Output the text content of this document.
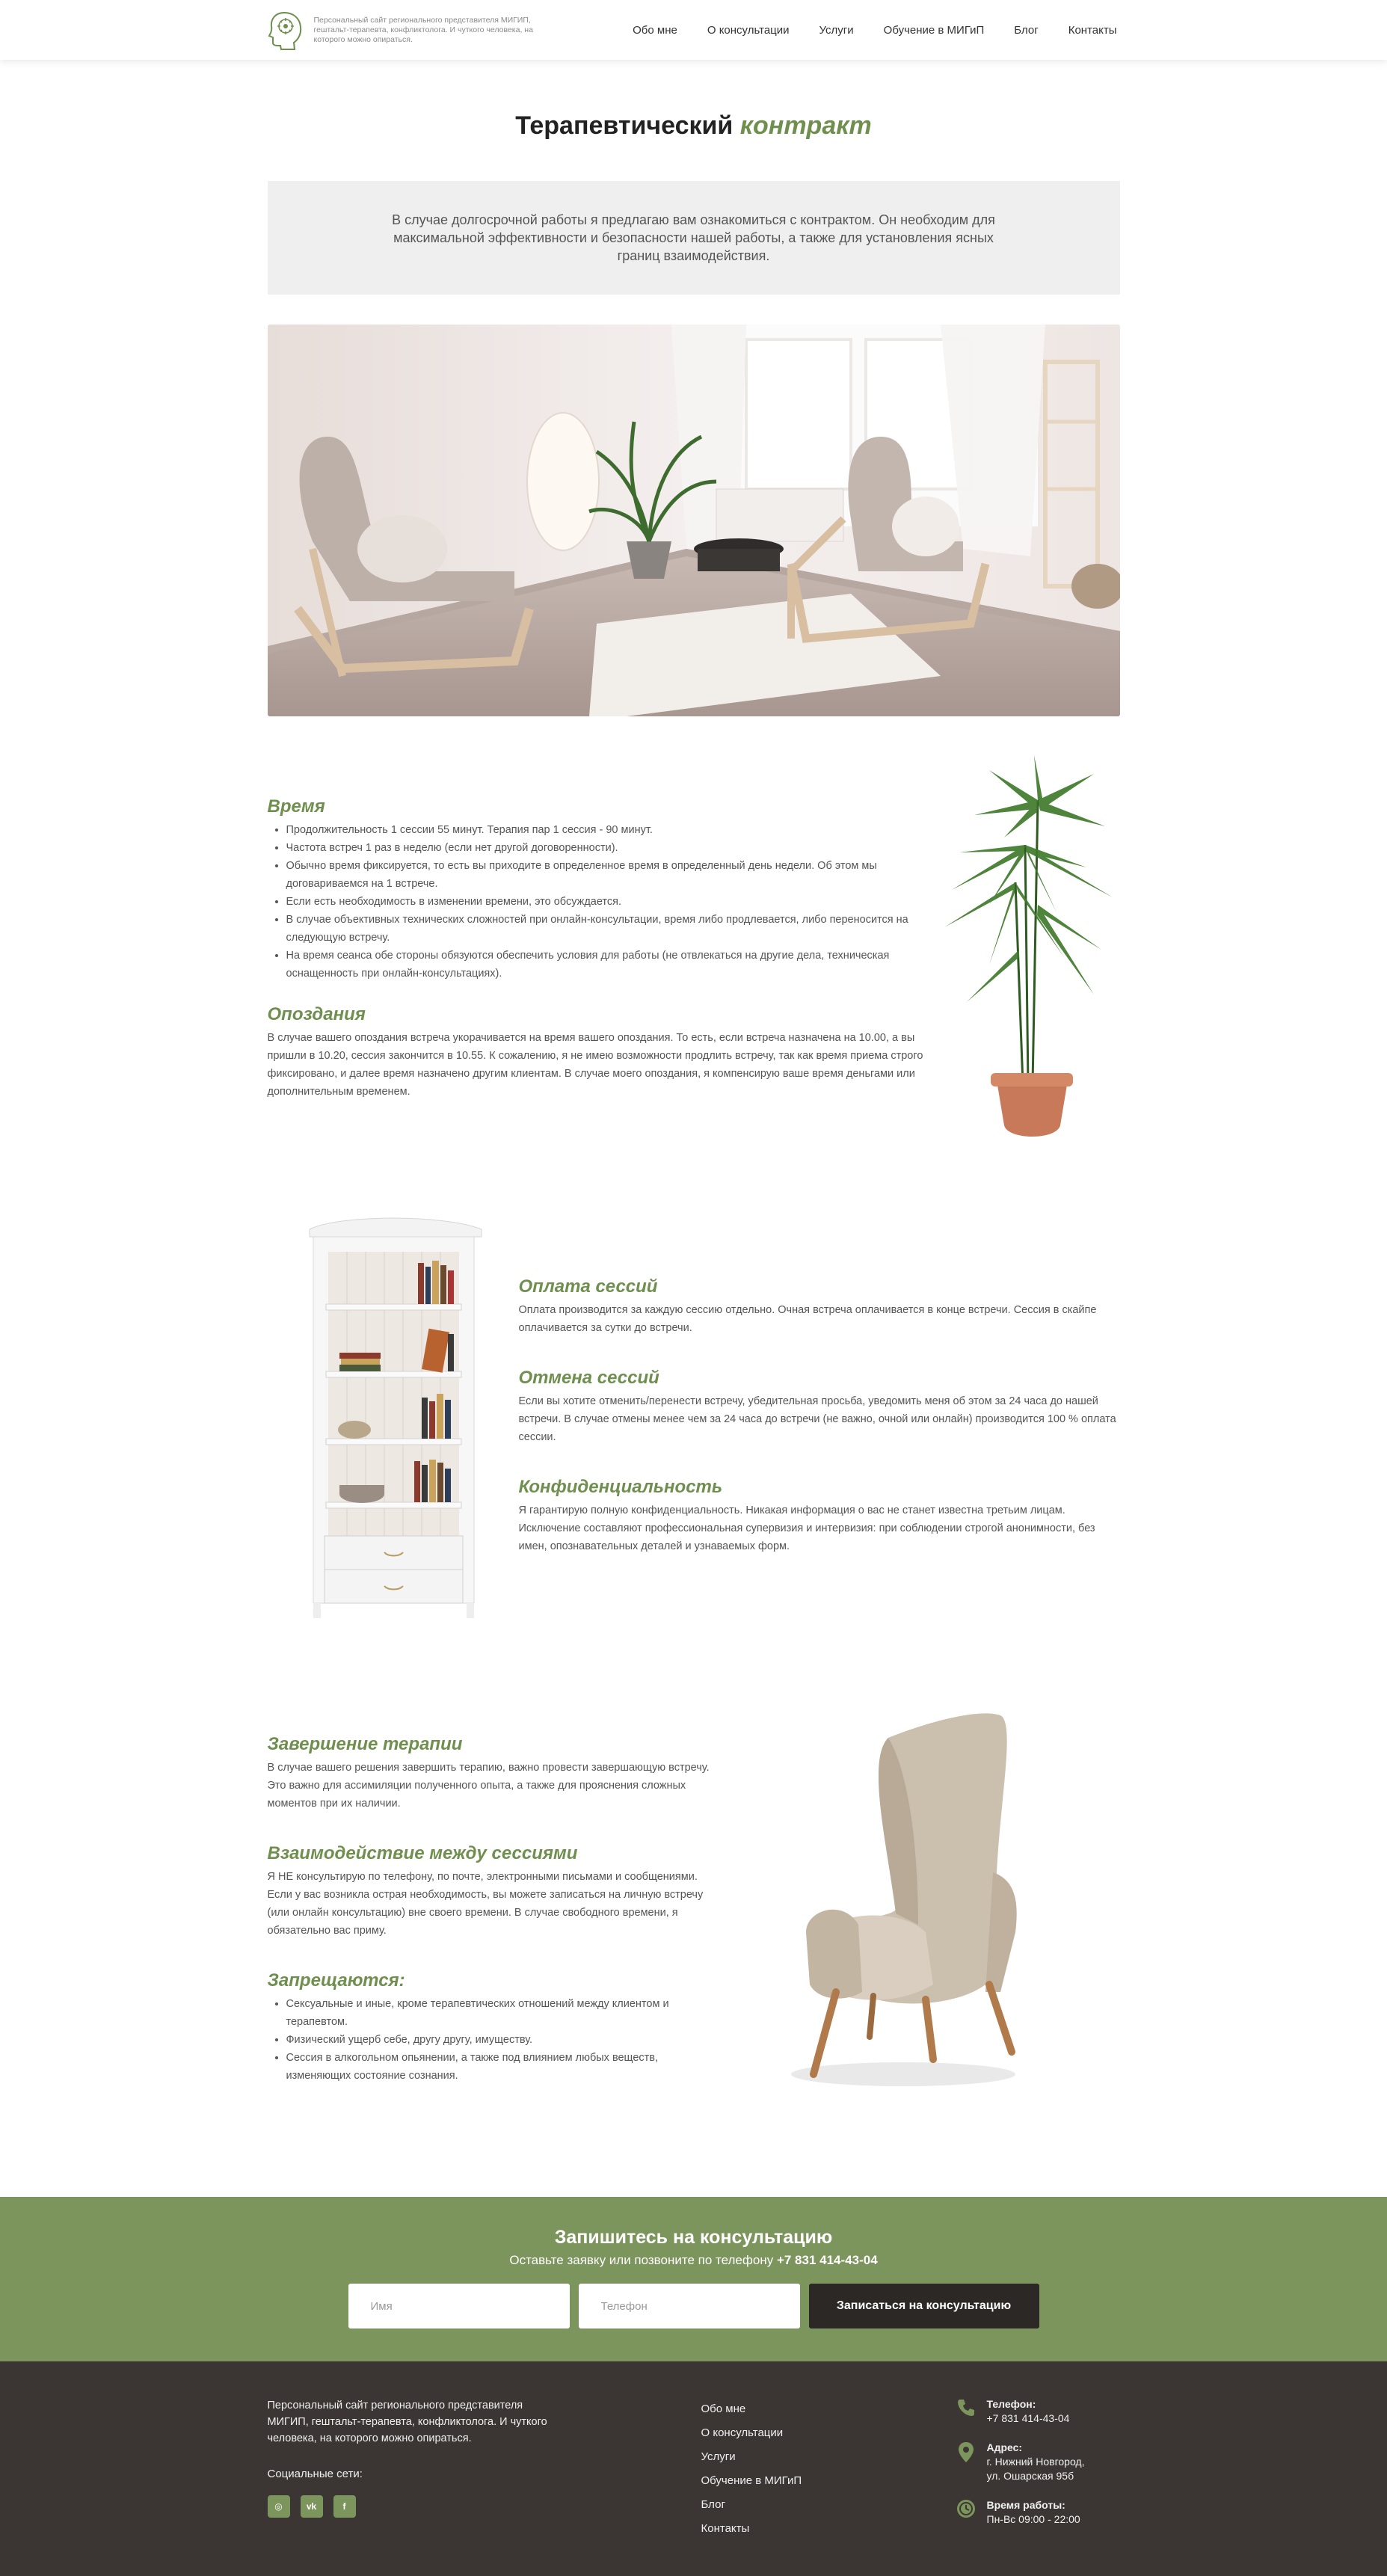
Персональный сайт регионального представителя МИГИП, гештальт-терапевта, конфликтолога. И чуткого человека, на которого можно опираться.
Обо мне	О консультации	Услуги	Обучение в МИГиП	Блог	Контакты
Терапевтический контракт

В случае долгосрочной работы я предлагаю вам ознакомиться с контрактом. Он необходим для максимальной эффективности и безопасности нашей работы, а также для установления ясных границ взаимодействия.

Время
• Продолжительность 1 сессии 55 минут. Терапия пар 1 сессия - 90 минут.
• Частота встреч 1 раз в неделю (если нет другой договоренности).
• Обычно время фиксируется, то есть вы приходите в определенное время в определенный день недели. Об этом мы договариваемся на 1 встрече.
• Если есть необходимость в изменении времени, это обсуждается.
• В случае объективных технических сложностей при онлайн-консультации, время либо продлевается, либо переносится на следующую встречу.
• На время сеанса обе стороны обязуются обеспечить условия для работы (не отвлекаться на другие дела, техническая оснащенность при онлайн-консультациях).
Опоздания

В случае вашего опоздания встреча укорачивается на время вашего опоздания. То есть, если встреча назначена на 10.00, а вы пришли в 10.20, сессия закончится в 10.55. К сожалению, я не имею возможности продлить встречу, так как время приема строго фиксировано, и далее время назначено другим клиентам. В случае моего опоздания, я компенсирую ваше время деньгами или дополнительным временем.

Оплата сессий

Оплата производится за каждую сессию отдельно. Очная встреча оплачивается в конце встречи. Сессия в скайпе оплачивается за сутки до встречи.

Отмена сессий

Если вы хотите отменить/перенести встречу, убедительная просьба, уведомить меня об этом за 24 часа до нашей встречи. В случае отмены менее чем за 24 часа до встречи (не важно, очной или онлайн) производится 100 % оплата сессии.

Конфиденциальность

Я гарантирую полную конфиденциальность. Никакая информация о вас не станет известна третьим лицам. Исключение составляют профессиональная супервизия и интервизия: при соблюдении строгой анонимности, без имен, опознавательных деталей и узнаваемых форм.

Завершение терапии

В случае вашего решения завершить терапию, важно провести завершающую встречу. Это важно для ассимиляции полученного опыта, а также для прояснения сложных моментов при их наличии.

Взаимодействие между сессиями

Я НЕ консультирую по телефону, по почте, электронными письмами и сообщениями. Если у вас возникла острая необходимость, вы можете записаться на личную встречу (или онлайн консультацию) вне своего времени. В случае свободного времени, я обязательно вас приму.

Запрещаются:
• Сексуальные и иные, кроме терапевтических отношений между клиентом и терапевтом.
• Физический ущерб себе, другу другу, имуществу.
• Сессия в алкогольном опьянении, а также под влиянием любых веществ, изменяющих состояние сознания.
Запишитесь на консультацию
Оставьте заявку или позвоните по телефону +7 831 414-43-04
Имя
Телефон
Записаться на консультацию
Персональный сайт регионального представителя МИГИП, гештальт-терапевта, конфликтолога. И чуткого человека, на которого можно опираться.
Социальные сети:
◎	vk	f
Обо мне
О консультации
Услуги
Обучение в МИГиП
Блог
Контакты
Телефон:
+7 831 414-43-04
Адрес:
г. Нижний Новгород,
ул. Ошарская 95б
Время работы:
Пн-Вс 09:00 - 22:00
